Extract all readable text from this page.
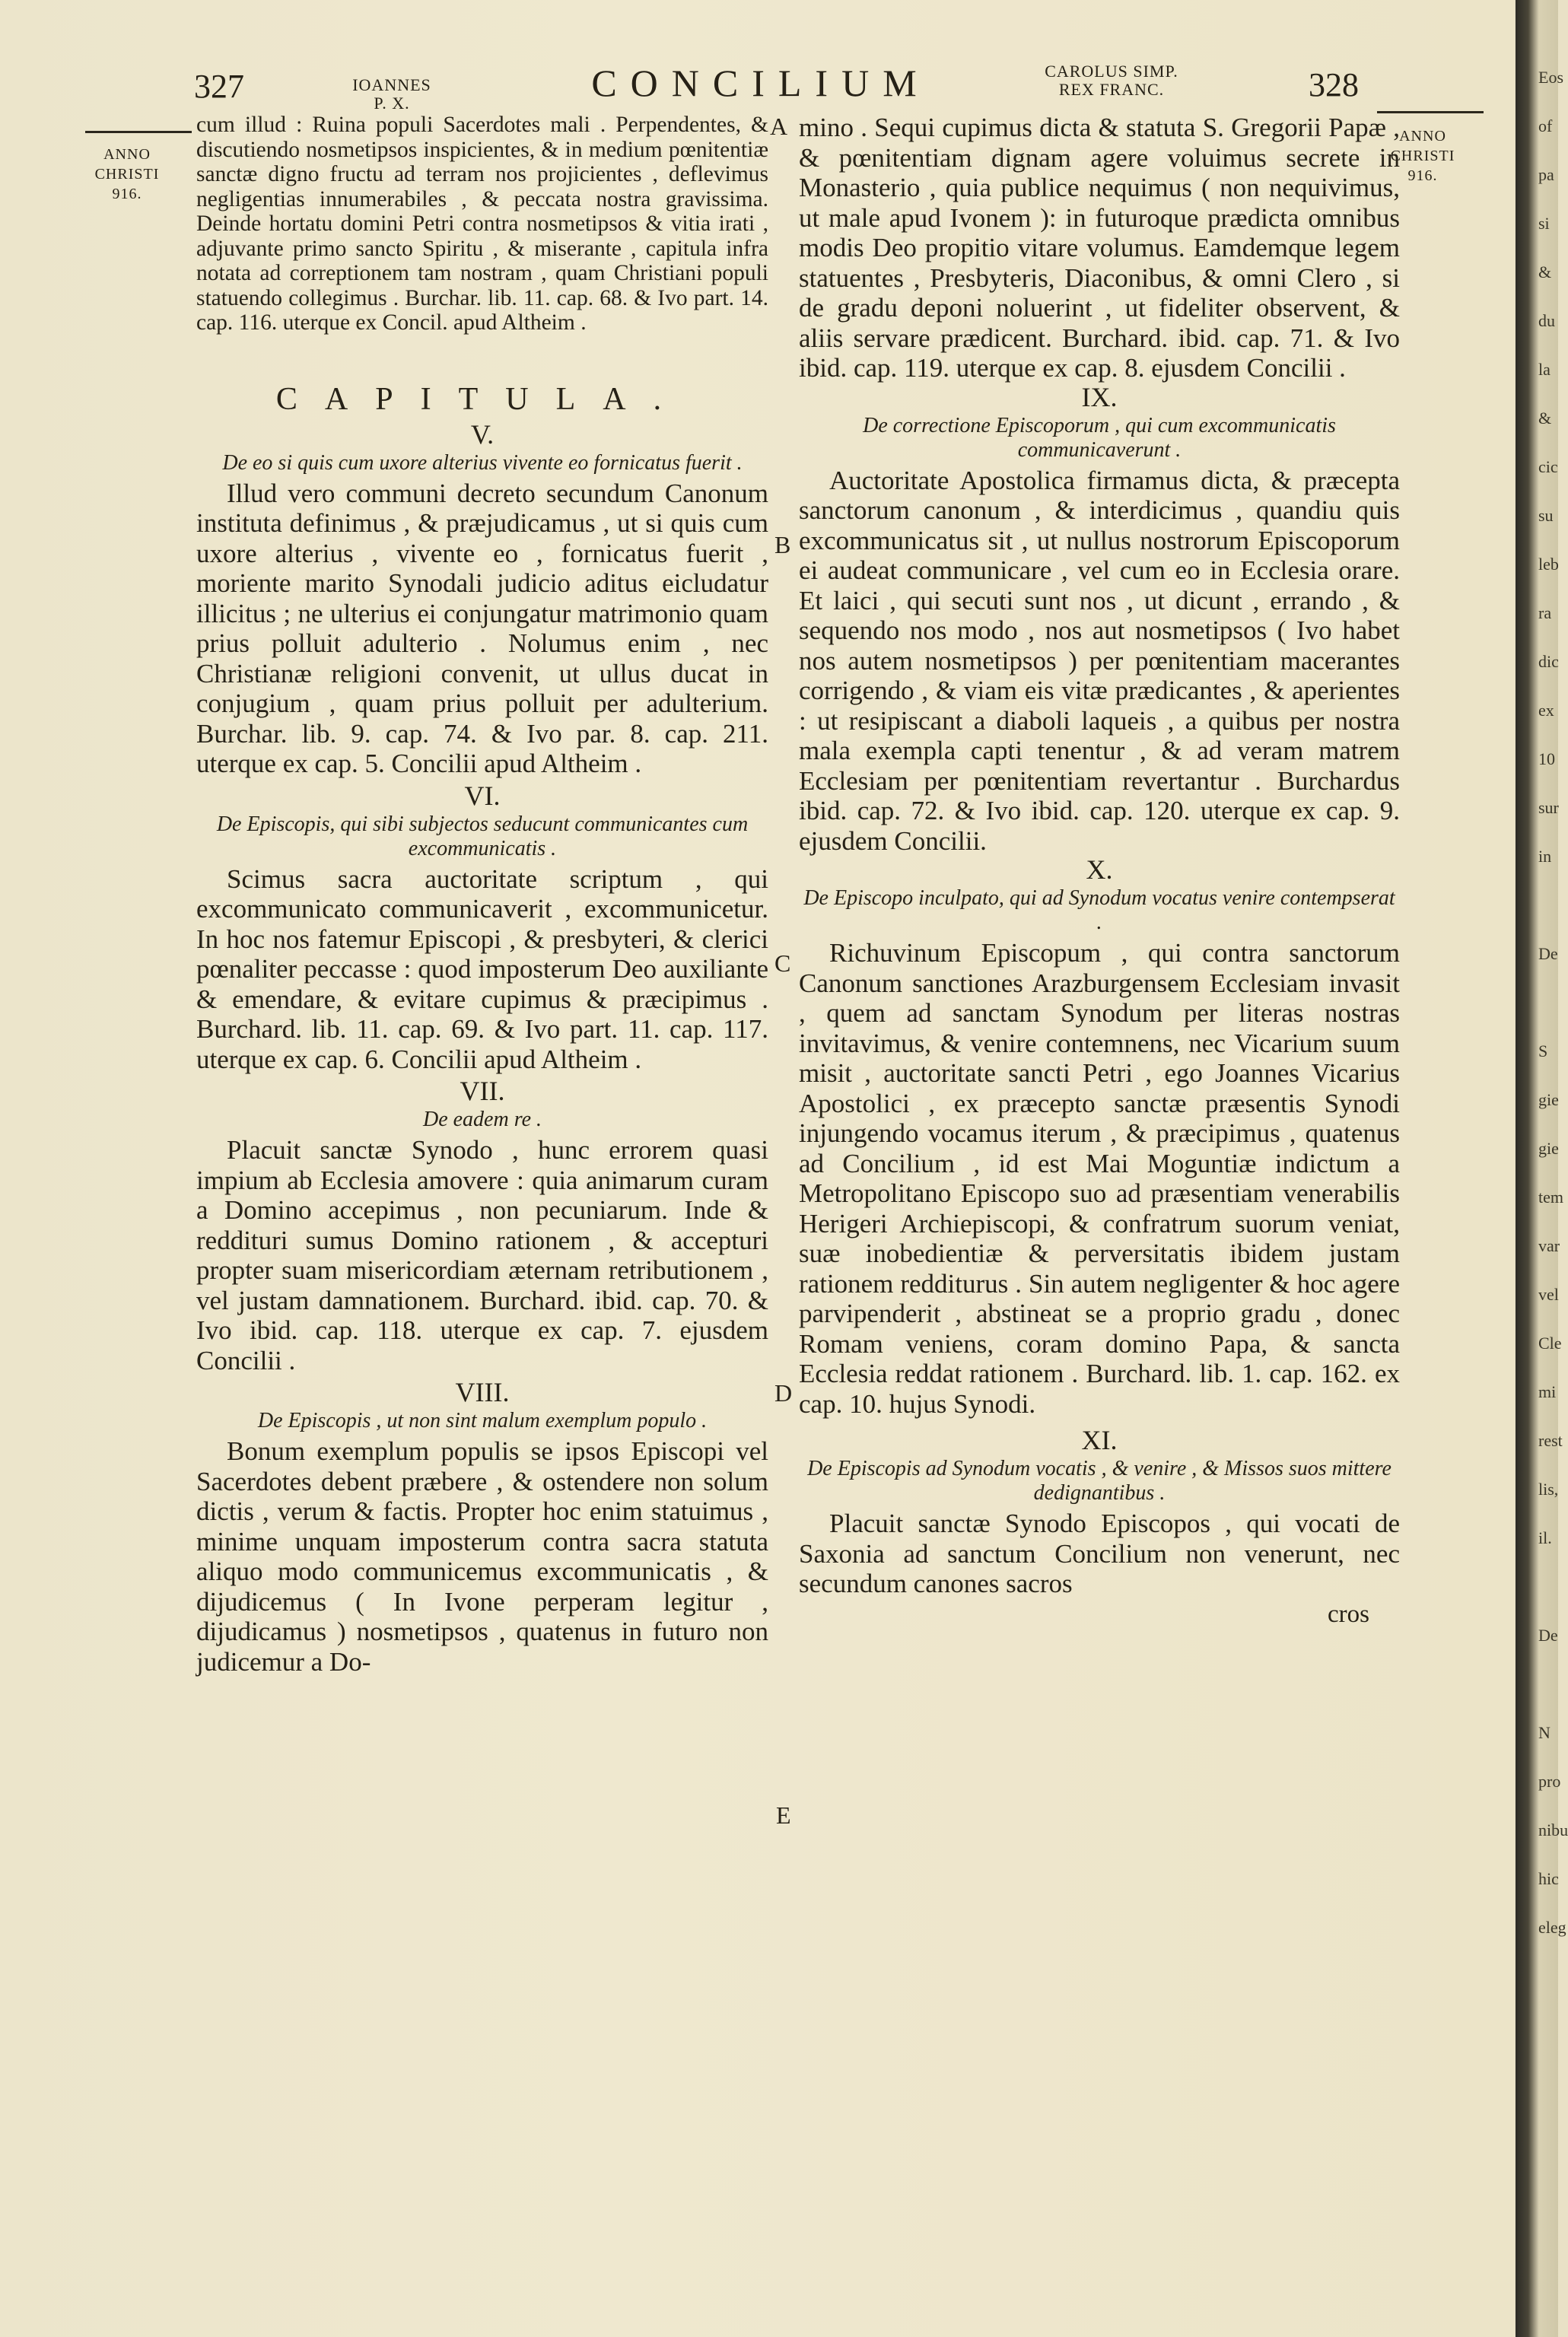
327	IOANNES
P. X.	CONCILIUM	CAROLUS SIMP.
REX FRANC.	328
ANNO
CHRISTI
916.
ANNO
CHRISTI
916.
A
B
C
D
E

cum illud : Ruina populi Sacerdotes mali . Perpendentes, & discutiendo nosmetipsos inspicientes, & in medium pœnitentiæ sanctæ digno fructu ad terram nos projicientes , deflevimus negligentias innumerabiles , & peccata nostra gravissima. Deinde hortatu domini Petri contra nosmetipsos & vitia irati , adjuvante primo sancto Spiritu , & miserante , capitula infra notata ad correptionem tam nostram , quam Christiani populi statuendo collegimus . Burchar. lib. 11. cap. 68. & Ivo part. 14. cap. 116. uterque ex Concil. apud Altheim .

CAPITULA.
V.
De eo si quis cum uxore alterius vivente eo fornicatus fuerit .

Illud vero communi decreto secundum Canonum instituta definimus , & præjudicamus , ut si quis cum uxore alterius , vivente eo , fornicatus fuerit , moriente marito Synodali judicio aditus eicludatur illicitus ; ne ulterius ei conjungatur matrimonio quam prius polluit adulterio . Nolumus enim , nec Christianæ religioni convenit, ut ullus ducat in conjugium , quam prius polluit per adulterium. Burchar. lib. 9. cap. 74. & Ivo par. 8. cap. 211. uterque ex cap. 5. Concilii apud Altheim .

VI.
De Episcopis, qui sibi subjectos seducunt communicantes cum excommunicatis .

Scimus sacra auctoritate scriptum , qui excommunicato communicaverit , excommunicetur. In hoc nos fatemur Episcopi , & presbyteri, & clerici pœnaliter peccasse : quod imposterum Deo auxiliante & emendare, & evitare cupimus & præcipimus . Burchard. lib. 11. cap. 69. & Ivo part. 11. cap. 117. uterque ex cap. 6. Concilii apud Altheim .

VII.
De eadem re .

Placuit sanctæ Synodo , hunc errorem quasi impium ab Ecclesia amovere : quia animarum curam a Domino accepimus , non pecuniarum. Inde & reddituri sumus Domino rationem , & accepturi propter suam misericordiam æternam retributionem , vel justam damnationem. Burchard. ibid. cap. 70. & Ivo ibid. cap. 118. uterque ex cap. 7. ejusdem Concilii .

VIII.
De Episcopis , ut non sint malum exemplum populo .

Bonum exemplum populis se ipsos Episcopi vel Sacerdotes debent præbere , & ostendere non solum dictis , verum & factis. Propter hoc enim statuimus , minime unquam imposterum contra sacra statuta aliquo modo communicemus excommunicatis , & dijudicemus ( In Ivone perperam legitur , dijudicamus ) nosmetipsos , quatenus in futuro non judicemur a Do-

mino . Sequi cupimus dicta & statuta S. Gregorii Papæ , & pœnitentiam dignam agere voluimus secrete in Monasterio , quia publice nequimus ( non nequivimus, ut male apud Ivonem ): in futuroque prædicta omnibus modis Deo propitio vitare volumus. Eamdemque legem statuentes , Presbyteris, Diaconibus, & omni Clero , si de gradu deponi noluerint , ut fideliter observent, & aliis servare prædicent. Burchard. ibid. cap. 71. & Ivo ibid. cap. 119. uterque ex cap. 8. ejusdem Concilii .

IX.
De correctione Episcoporum , qui cum excommunicatis communicaverunt .

Auctoritate Apostolica firmamus dicta, & præcepta sanctorum canonum , & interdicimus , quandiu quis excommunicatus sit , ut nullus nostrorum Episcoporum ei audeat communicare , vel cum eo in Ecclesia orare. Et laici , qui secuti sunt nos , ut dicunt , errando , & sequendo nos modo , nos aut nosmetipsos ( Ivo habet nos autem nosmetipsos ) per pœnitentiam macerantes corrigendo , & viam eis vitæ prædicantes , & aperientes : ut resipiscant a diaboli laqueis , a quibus per nostra mala exempla capti tenentur , & ad veram matrem Ecclesiam per pœnitentiam revertantur . Burchardus ibid. cap. 72. & Ivo ibid. cap. 120. uterque ex cap. 9. ejusdem Concilii.

X.
De Episcopo inculpato, qui ad Synodum vocatus venire contempserat .

Richuvinum Episcopum , qui contra sanctorum Canonum sanctiones Arazburgensem Ecclesiam invasit , quem ad sanctam Synodum per literas nostras invitavimus, & venire contemnens, nec Vicarium suum misit , auctoritate sancti Petri , ego Joannes Vicarius Apostolici , ex præcepto sanctæ præsentis Synodi injungendo vocamus iterum , & præcipimus , quatenus ad Concilium , id est Mai Moguntiæ indictum a Metropolitano Episcopo suo ad præsentiam venerabilis Herigeri Archiepiscopi, & confratrum suorum veniat, suæ inobedientiæ & perversitatis ibidem justam rationem redditurus . Sin autem negligenter & hoc agere parvipenderit , abstineat se a proprio gradu , donec Romam veniens, coram domino Papa, & sancta Ecclesia reddat rationem . Burchard. lib. 1. cap. 162. ex cap. 10. hujus Synodi.

XI.
De Episcopis ad Synodum vocatis , & venire , & Missos suos mittere dedignantibus .

Placuit sanctæ Synodo Episcopos , qui vocati de Saxonia ad sanctum Concilium non venerunt, nec secundum canones sacros

cros
Eos
of
pa
si
&
du
la
&
cic
su
leb
ra
dic
ex
10
sur
in

De

S
gie
gie
tem
var
vel
Cle
mi
rest
lis,
il.

De

N
pro
nibu
hic
eleg
